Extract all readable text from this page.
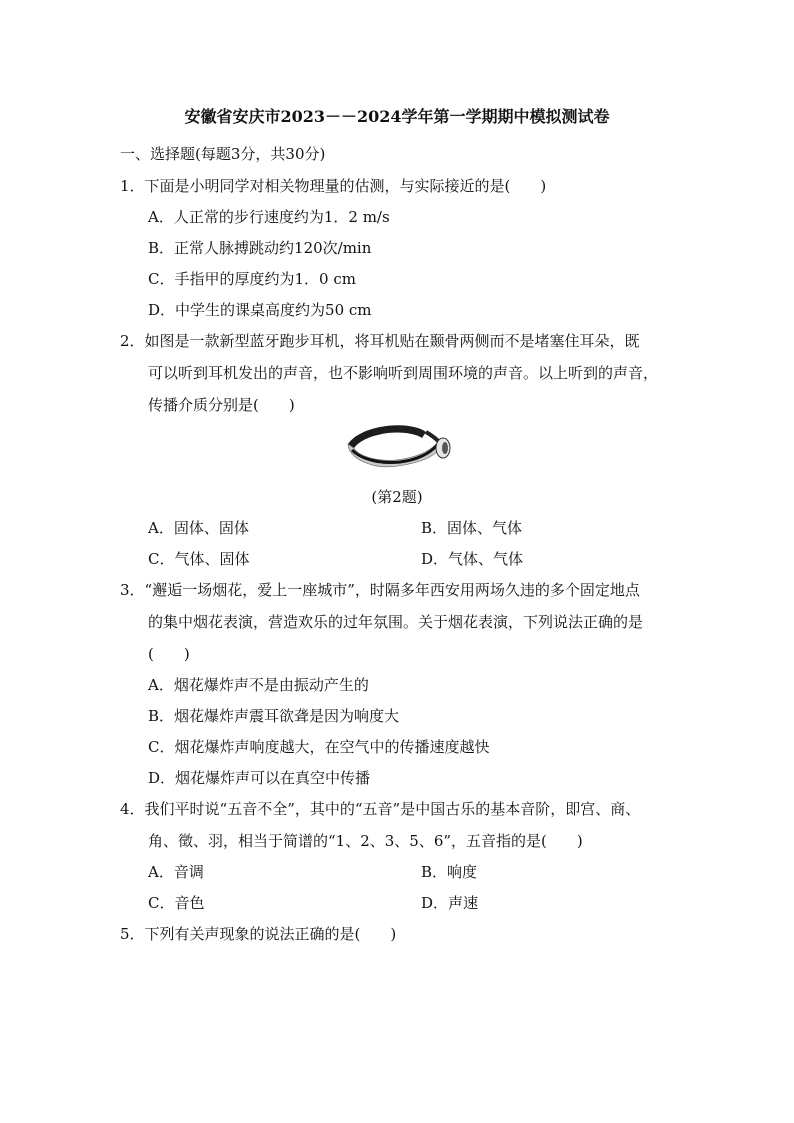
安徽省安庆市2023－－2024学年第一学期期中模拟测试卷
一、选择题(每题3分，共30分)
1．下面是小明同学对相关物理量的估测，与实际接近的是(　　)
A．人正常的步行速度约为1．2 m/s
B．正常人脉搏跳动约120次/min
C．手指甲的厚度约为1．0 cm
D．中学生的课桌高度约为50 cm
2．如图是一款新型蓝牙跑步耳机，将耳机贴在颞骨两侧而不是堵塞住耳朵，既
可以听到耳机发出的声音，也不影响听到周围环境的声音。以上听到的声音，
传播介质分别是(　　)
(第2题)
A．固体、固体	B．固体、气体
C．气体、固体	D．气体、气体
3．“邂逅一场烟花，爱上一座城市”，时隔多年西安用两场久违的多个固定地点
的集中烟花表演，营造欢乐的过年氛围。关于烟花表演，下列说法正确的是
(　　)
A．烟花爆炸声不是由振动产生的
B．烟花爆炸声震耳欲聋是因为响度大
C．烟花爆炸声响度越大，在空气中的传播速度越快
D．烟花爆炸声可以在真空中传播
4．我们平时说“五音不全”，其中的“五音”是中国古乐的基本音阶，即宫、商、
角、徵、羽，相当于简谱的“1、2、3、5、6”，五音指的是(　　)
A．音调	B．响度
C．音色	D．声速
5．下列有关声现象的说法正确的是(　　)
